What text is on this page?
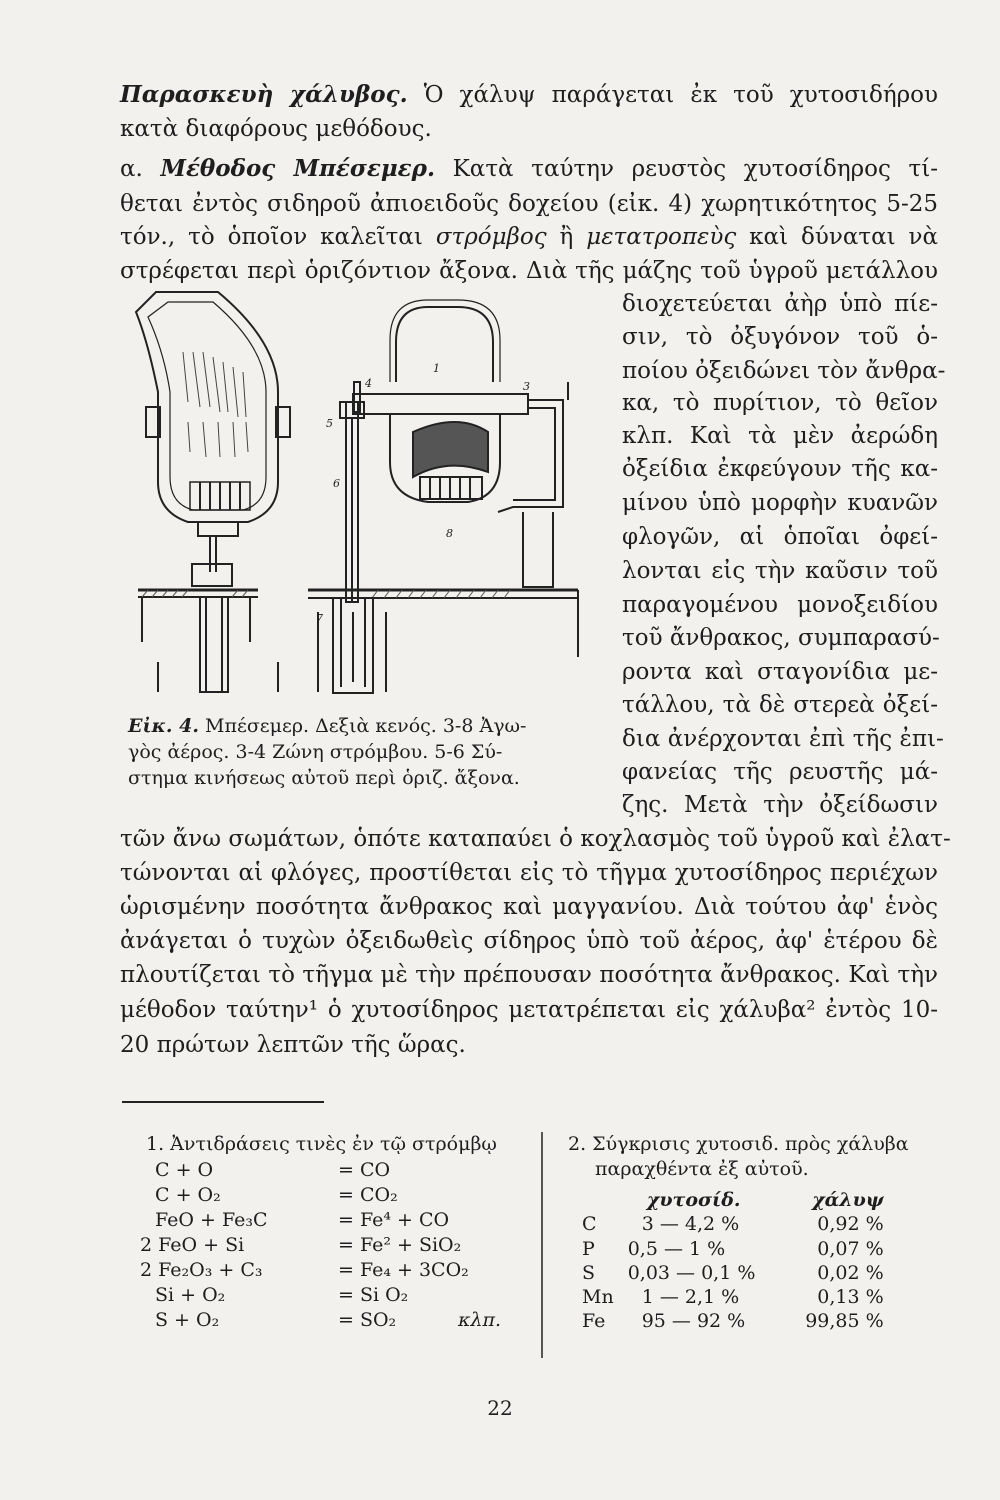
Παρασκευὴ χάλυβος. Ὁ χάλυψ παράγεται ἐκ τοῦ χυτοσιδήρου
κατὰ διαφόρους μεθόδους.
α. Μέθοδος Μπέσεμερ. Κατὰ ταύτην ρευστὸς χυτοσίδηρος τί-
θεται ἐντὸς σιδηροῦ ἀπιοειδοῦς δοχείου (εἰκ. 4) χωρητικότητος 5-25
τόν., τὸ ὁποῖον καλεῖται στρόμβος ἢ μετατροπεὺς καὶ δύναται νὰ
στρέφεται περὶ ὁριζόντιον ἄξονα. Διὰ τῆς μάζης τοῦ ὑγροῦ μετάλλου
διοχετεύεται ἀὴρ ὑπὸ πίε-
σιν, τὸ ὀξυγόνον τοῦ ὁ-
ποίου ὀξειδώνει τὸν ἄνθρα-
κα, τὸ πυρίτιον, τὸ θεῖον
κλπ. Καὶ τὰ μὲν ἀερώδη
ὀξείδια ἐκφεύγουν τῆς κα-
μίνου ὑπὸ μορφὴν κυανῶν
φλογῶν, αἱ ὁποῖαι ὀφεί-
λονται εἰς τὴν καῦσιν τοῦ
παραγομένου μονοξειδίου
τοῦ ἄνθρακος, συμπαρασύ-
ροντα καὶ σταγονίδια με-
τάλλου, τὰ δὲ στερεὰ ὀξεί-
δια ἀνέρχονται ἐπὶ τῆς ἐπι-
φανείας τῆς ρευστῆς μά-
ζης. Μετὰ τὴν ὀξείδωσιν
4	3
5
1
6
8
7
Εἰκ. 4. Μπέσεμερ. Δεξιὰ κενός. 3-8 Ἀγω-
γὸς ἀέρος. 3-4 Ζώνη στρόμβου. 5-6 Σύ-
στημα κινήσεως αὐτοῦ περὶ ὁριζ. ἄξονα.
τῶν ἄνω σωμάτων, ὁπότε καταπαύει ὁ κοχλασμὸς τοῦ ὑγροῦ καὶ ἐλατ-
τώνονται αἱ φλόγες, προστίθεται εἰς τὸ τῆγμα χυτοσίδηρος περιέχων
ὡρισμένην ποσότητα ἄνθρακος καὶ μαγγανίου. Διὰ τούτου ἀφ' ἑνὸς
ἀνάγεται ὁ τυχὼν ὀξειδωθεὶς σίδηρος ὑπὸ τοῦ ἀέρος, ἀφ' ἑτέρου δὲ
πλουτίζεται τὸ τῆγμα μὲ τὴν πρέπουσαν ποσότητα ἄνθρακος. Καὶ τὴν
μέθοδον ταύτην¹ ὁ χυτοσίδηρος μετατρέπεται εἰς χάλυβα² ἐντὸς 10-
20 πρώτων λεπτῶν τῆς ὥρας.
1. Ἀντιδράσεις τινὲς ἐν τῷ στρόμβῳ
C + O	= CO
C + O₂	= CO₂
FeO + Fe₃C	= Fe⁴ + CO
2 FeO + Si	= Fe² + SiO₂
2 Fe₂O₃ + C₃	= Fe₄ + 3CO₂
Si + O₂	= Si O₂
S + O₂	= SO₂	κλπ.
2. Σύγκρισις χυτοσιδ. πρὸς χάλυβα
παραχθέντα ἐξ αὐτοῦ.
	χυτοσίδ.	χάλυψ
C	3 — 4,2 %	0,92 %
P	0,5 — 1 %	0,07 %
S	0,03 — 0,1 %	0,02 %
Mn	1 — 2,1 %	0,13 %
Fe	95 — 92 %	99,85 %
22
